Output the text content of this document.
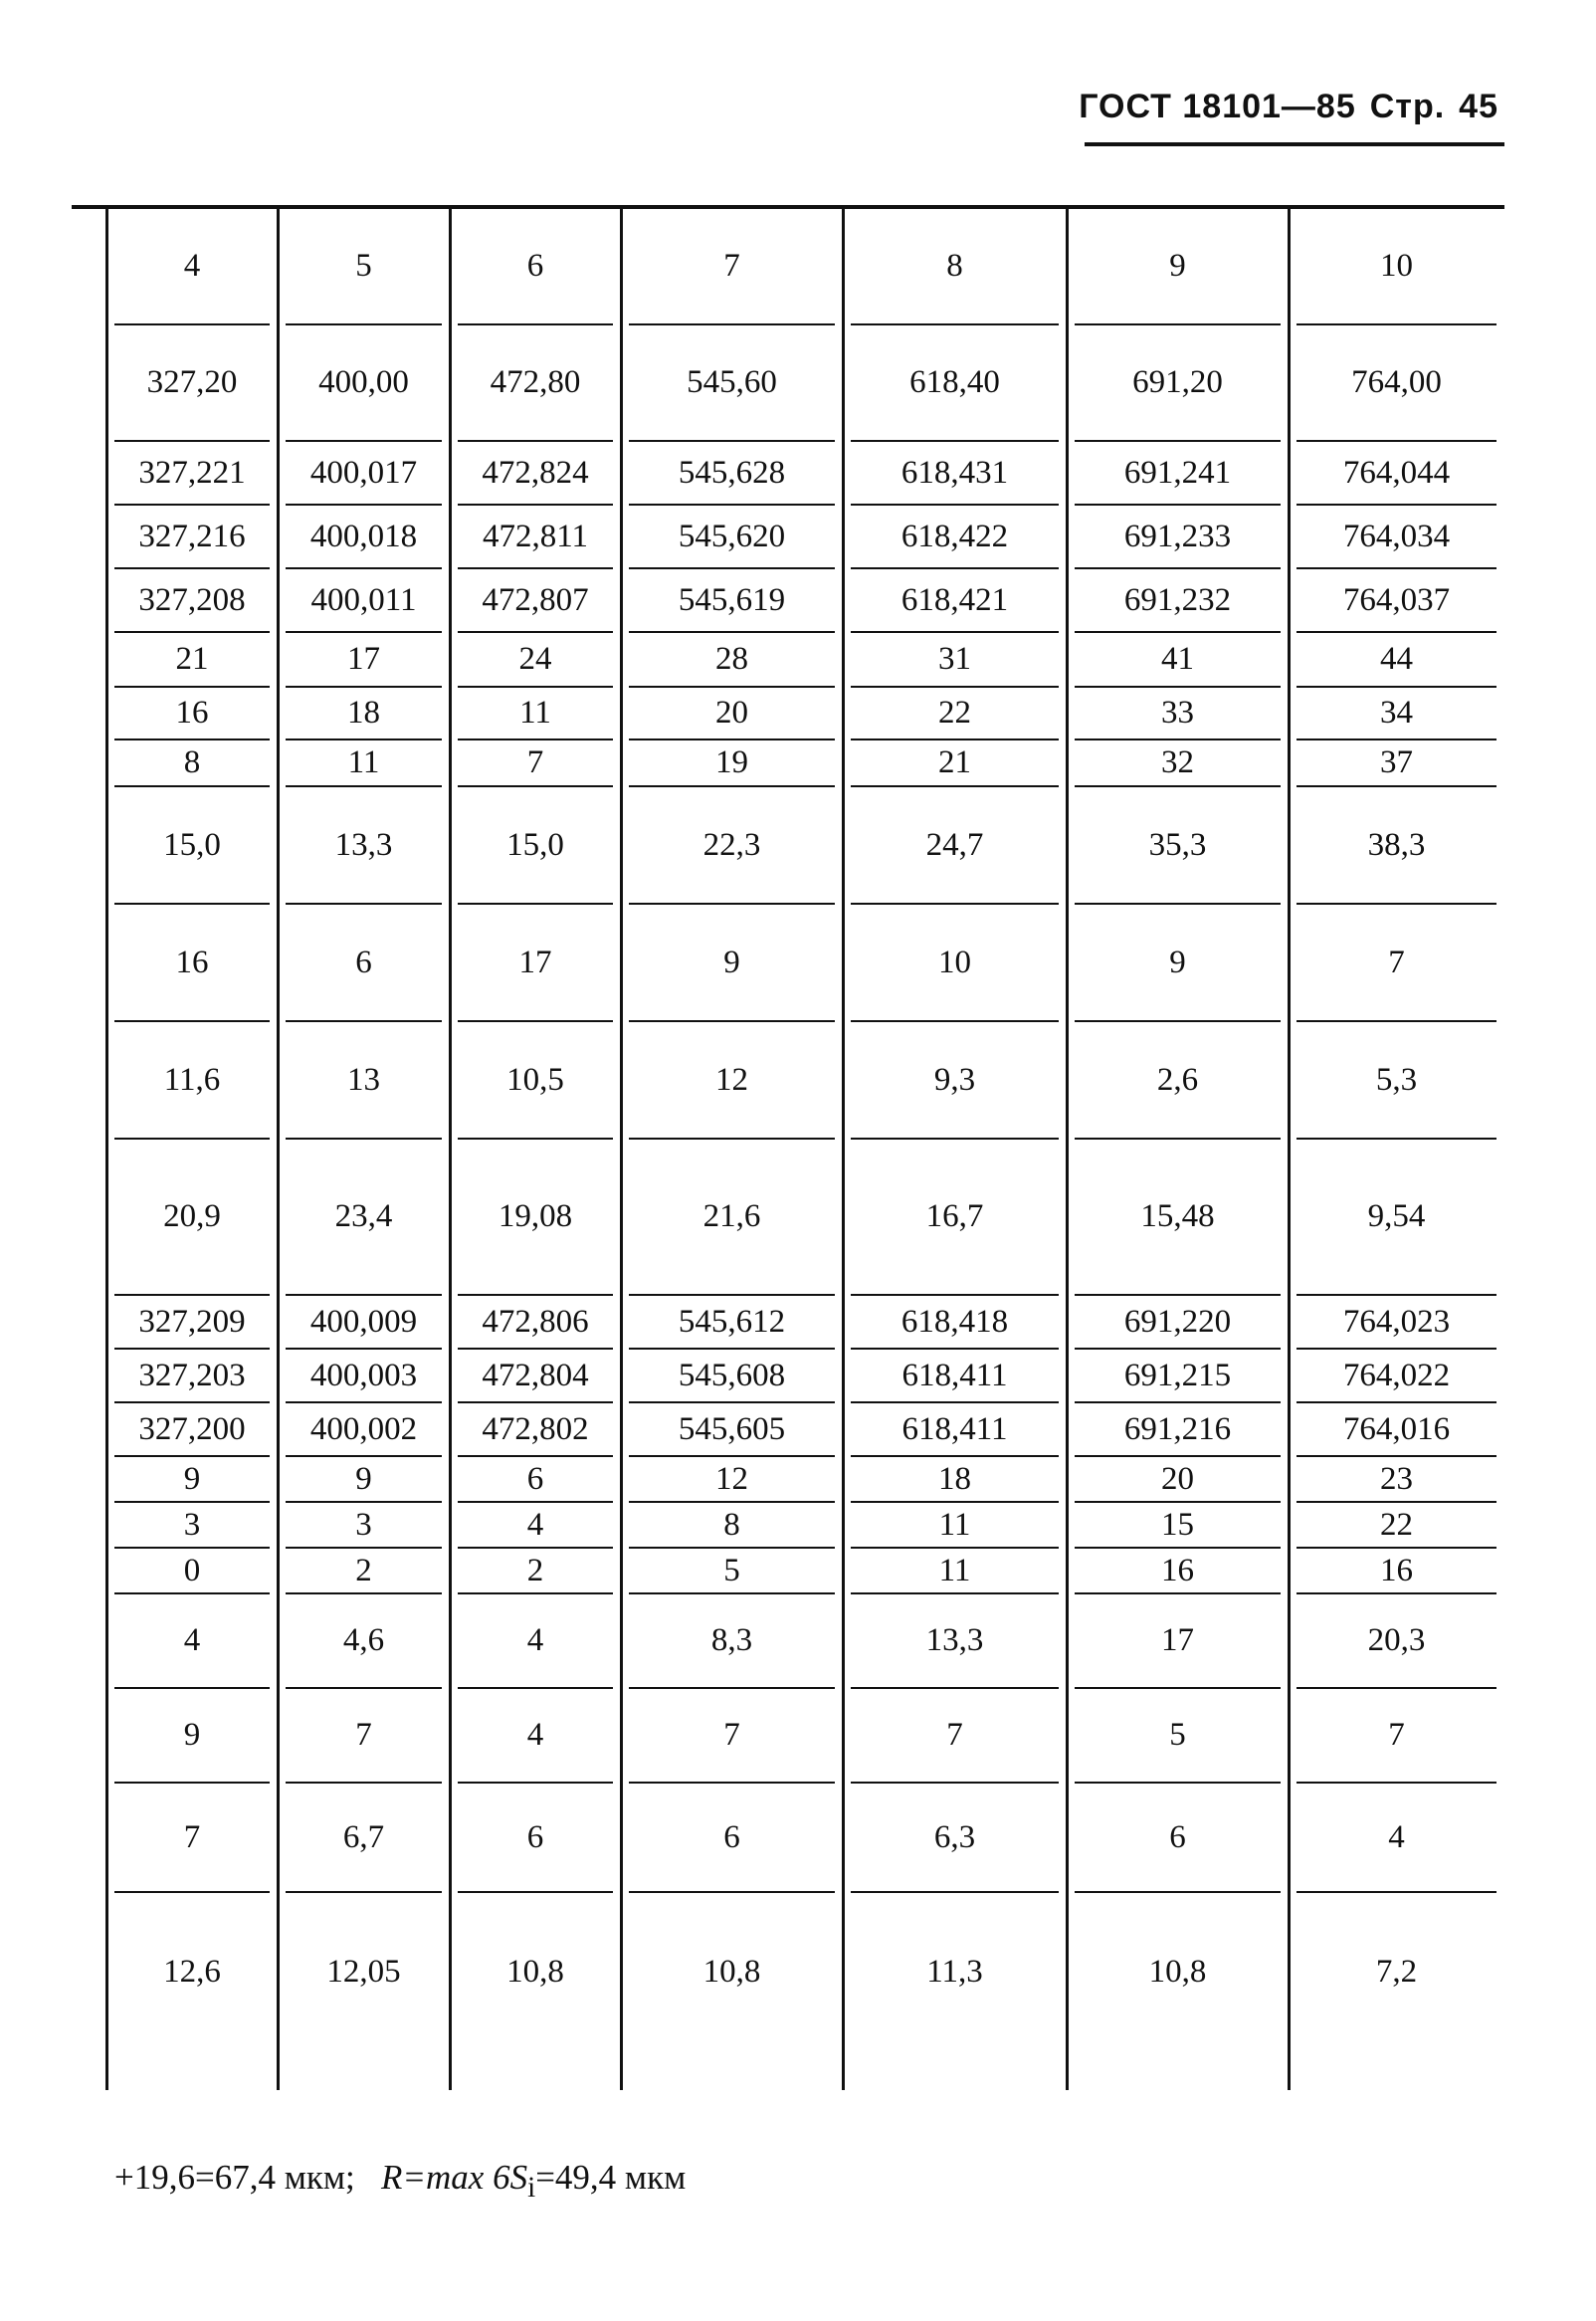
ГОСТ 18101—85 Стр. 45
4
327,20
327,221
327,216
327,208
21
16
8
15,0
16
11,6
20,9
327,209
327,203
327,200
9
3
0
4
9
7
12,6
5
400,00
400,017
400,018
400,011
17
18
11
13,3
6
13
23,4
400,009
400,003
400,002
9
3
2
4,6
7
6,7
12,05
6
472,80
472,824
472,811
472,807
24
11
7
15,0
17
10,5
19,08
472,806
472,804
472,802
6
4
2
4
4
6
10,8
7
545,60
545,628
545,620
545,619
28
20
19
22,3
9
12
21,6
545,612
545,608
545,605
12
8
5
8,3
7
6
10,8
8
618,40
618,431
618,422
618,421
31
22
21
24,7
10
9,3
16,7
618,418
618,411
618,411
18
11
11
13,3
7
6,3
11,3
9
691,20
691,241
691,233
691,232
41
33
32
35,3
9
2,6
15,48
691,220
691,215
691,216
20
15
16
17
5
6
10,8
10
764,00
764,044
764,034
764,037
44
34
37
38,3
7
5,3
9,54
764,023
764,022
764,016
23
22
16
20,3
7
4
7,2
+19,6=67,4 мкм; R=max $6S_i=49,4$ мкм
